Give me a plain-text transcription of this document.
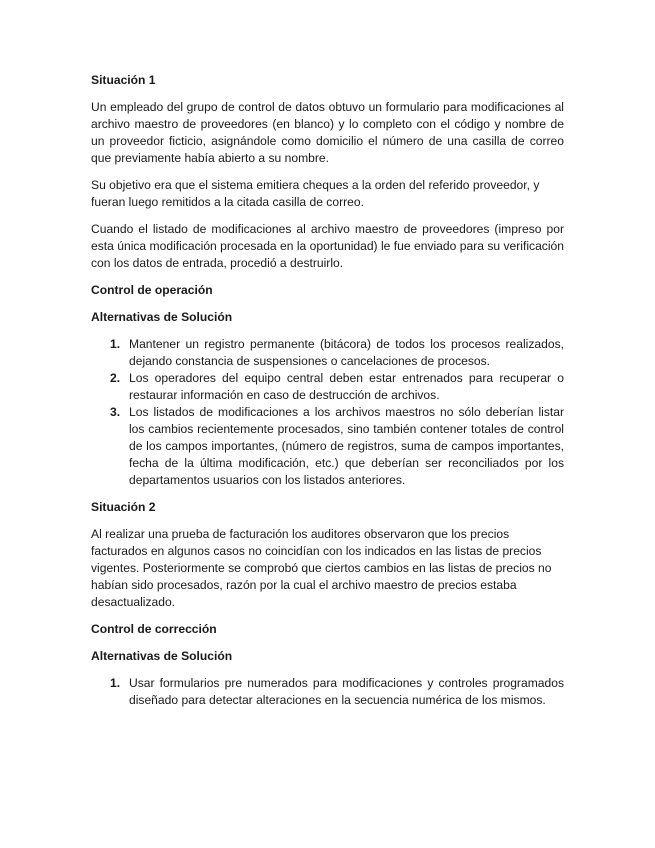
Situación 1

Un empleado del grupo de control de datos obtuvo un formulario para modificaciones al archivo maestro de proveedores (en blanco) y lo completo con el código y nombre de un proveedor ficticio, asignándole como domicilio el número de una casilla de correo que previamente había abierto a su nombre.

Su objetivo era que el sistema emitiera cheques a la orden del referido proveedor, y fueran luego remitidos a la citada casilla de correo.

Cuando el listado de modificaciones al archivo maestro de proveedores (impreso por esta única modificación procesada en la oportunidad) le fue enviado para su verificación con los datos de entrada, procedió a destruirlo.

Control de operación
Alternativas de Solución
1. Mantener un registro permanente (bitácora) de todos los procesos realizados, dejando constancia de suspensiones o cancelaciones de procesos.
2. Los operadores del equipo central deben estar entrenados para recuperar o restaurar información en caso de destrucción de archivos.
3. Los listados de modificaciones a los archivos maestros no sólo deberían listar los cambios recientemente procesados, sino también contener totales de control de los campos importantes, (número de registros, suma de campos importantes, fecha de la última modificación, etc.) que deberían ser reconciliados por los departamentos usuarios con los listados anteriores.
Situación 2

Al realizar una prueba de facturación los auditores observaron que los precios facturados en algunos casos no coincidían con los indicados en las listas de precios vigentes. Posteriormente se comprobó que ciertos cambios en las listas de precios no habían sido procesados, razón por la cual el archivo maestro de precios estaba desactualizado.

Control de corrección
Alternativas de Solución
1. Usar formularios pre numerados para modificaciones y controles programados diseñado para detectar alteraciones en la secuencia numérica de los mismos.
